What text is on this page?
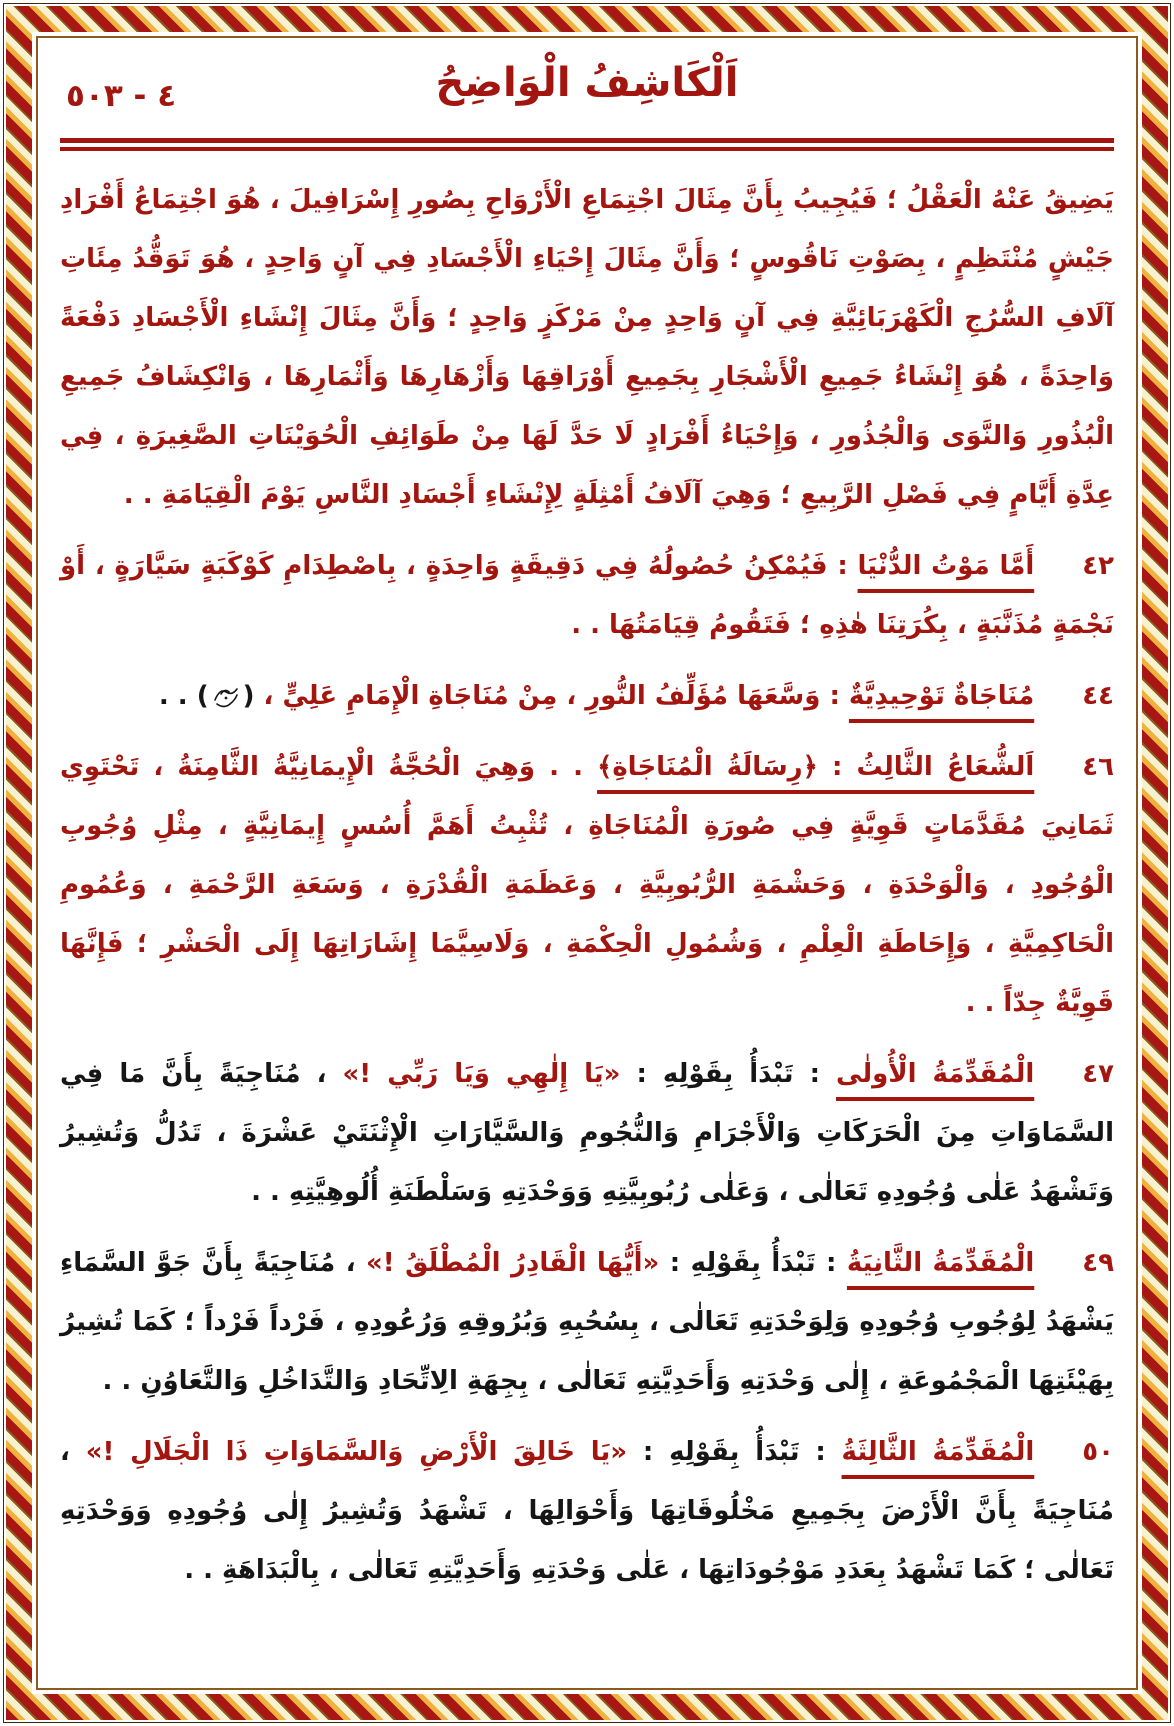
٤ - ٥٠٣	اَلْكَاشِفُ الْوَاضِحُ
يَضِيقُ عَنْهُ الْعَقْلُ ؛ فَيُجِيبُ بِأَنَّ مِثَالَ اجْتِمَاعِ الْأَرْوَاحِ بِصُورِ إِسْرَافِيلَ ، هُوَ اجْتِمَاعُ أَفْرَادِ جَيْشٍ مُنْتَظِمٍ ، بِصَوْتِ نَاقُوسٍ ؛ وَأَنَّ مِثَالَ إِحْيَاءِ الْأَجْسَادِ فِي آنٍ وَاحِدٍ ، هُوَ تَوَقُّدُ مِئَاتِ آلَافِ السُّرُجِ الْكَهْرَبَائِيَّةِ فِي آنٍ وَاحِدٍ مِنْ مَرْكَزٍ وَاحِدٍ ؛ وَأَنَّ مِثَالَ إِنْشَاءِ الْأَجْسَادِ دَفْعَةً وَاحِدَةً ، هُوَ إِنْشَاءُ جَمِيعِ الْأَشْجَارِ بِجَمِيعِ أَوْرَاقِهَا وَأَزْهَارِهَا وَأَثْمَارِهَا ، وَانْكِشَافُ جَمِيعِ الْبُذُورِ وَالنَّوَى وَالْجُذُورِ ، وَإِحْيَاءُ أَفْرَادٍ لَا حَدَّ لَهَا مِنْ طَوَائِفِ الْحُوَيْنَاتِ الصَّغِيرَةِ ، فِي عِدَّةِ أَيَّامٍ فِي فَصْلِ الرَّبِيعِ ؛ وَهِيَ آلَافُ أَمْثِلَةٍ لِإِنْشَاءِ أَجْسَادِ النَّاسِ يَوْمَ الْقِيَامَةِ . .
٤٢أَمَّا مَوْتُ الدُّنْيَا : فَيُمْكِنُ حُصُولُهُ فِي دَقِيقَةٍ وَاحِدَةٍ ، بِاصْطِدَامِ كَوْكَبَةٍ سَيَّارَةٍ ، أَوْ نَجْمَةٍ مُذَنَّبَةٍ ، بِكُرَتِنَا هٰذِهِ ؛ فَتَقُومُ قِيَامَتُهَا . .
٤٤مُنَاجَاةٌ تَوْحِيدِيَّةٌ : وَسَّعَهَا مُؤَلِّفُ النُّورِ ، مِنْ مُنَاجَاةِ الْإِمَامِ عَلِيٍّ ، () . .
٤٦اَلشُّعَاعُ الثَّالِثُ : ﴿رِسَالَةُ الْمُنَاجَاةِ﴾ . . وَهِيَ الْحُجَّةُ الْإِيمَانِيَّةُ الثَّامِنَةُ ، تَحْتَوِي ثَمَانِيَ مُقَدَّمَاتٍ قَوِيَّةٍ فِي صُورَةِ الْمُنَاجَاةِ ، تُثْبِتُ أَهَمَّ أُسُسٍ إِيمَانِيَّةٍ ، مِثْلِ وُجُوبِ الْوُجُودِ ، وَالْوَحْدَةِ ، وَحَشْمَةِ الرُّبُوبِيَّةِ ، وَعَظَمَةِ الْقُدْرَةِ ، وَسَعَةِ الرَّحْمَةِ ، وَعُمُومِ الْحَاكِمِيَّةِ ، وَإِحَاطَةِ الْعِلْمِ ، وَشُمُولِ الْحِكْمَةِ ، وَلَاسِيَّمَا إِشَارَاتِهَا إِلَى الْحَشْرِ ؛ فَإِنَّهَا قَوِيَّةٌ جِدّاً . .
٤٧الْمُقَدِّمَةُ الْأُولٰى : تَبْدَأُ بِقَوْلِهِ : «يَا إِلٰهِي وَيَا رَبِّي !» ، مُنَاجِيَةً بِأَنَّ مَا فِي السَّمَاوَاتِ مِنَ الْحَرَكَاتِ وَالْأَجْرَامِ وَالنُّجُومِ وَالسَّيَّارَاتِ الْإِثْنَتَيْ عَشْرَةَ ، تَدُلُّ وَتُشِيرُ وَتَشْهَدُ عَلٰى وُجُودِهِ تَعَالٰى ، وَعَلٰى رُبُوبِيَّتِهِ وَوَحْدَتِهِ وَسَلْطَنَةِ أُلُوهِيَّتِهِ . .
٤٩الْمُقَدِّمَةُ الثَّانِيَةُ : تَبْدَأُ بِقَوْلِهِ : «أَيُّهَا الْقَادِرُ الْمُطْلَقُ !» ، مُنَاجِيَةً بِأَنَّ جَوَّ السَّمَاءِ يَشْهَدُ لِوُجُوبِ وُجُودِهِ وَلِوَحْدَتِهِ تَعَالٰى ، بِسُحُبِهِ وَبُرُوقِهِ وَرُعُودِهِ ، فَرْداً فَرْداً ؛ كَمَا تُشِيرُ بِهَيْئَتِهَا الْمَجْمُوعَةِ ، إِلٰى وَحْدَتِهِ وَأَحَدِيَّتِهِ تَعَالٰى ، بِجِهَةِ الِاتِّحَادِ وَالتَّدَاخُلِ وَالتَّعَاوُنِ . .
٥٠الْمُقَدِّمَةُ الثَّالِثَةُ : تَبْدَأُ بِقَوْلِهِ : «يَا خَالِقَ الْأَرْضِ وَالسَّمَاوَاتِ ذَا الْجَلَالِ !» ، مُنَاجِيَةً بِأَنَّ الْأَرْضَ بِجَمِيعِ مَخْلُوقَاتِهَا وَأَحْوَالِهَا ، تَشْهَدُ وَتُشِيرُ إِلٰى وُجُودِهِ وَوَحْدَتِهِ تَعَالٰى ؛ كَمَا تَشْهَدُ بِعَدَدِ مَوْجُودَاتِهَا ، عَلٰى وَحْدَتِهِ وَأَحَدِيَّتِهِ تَعَالٰى ، بِالْبَدَاهَةِ . .
